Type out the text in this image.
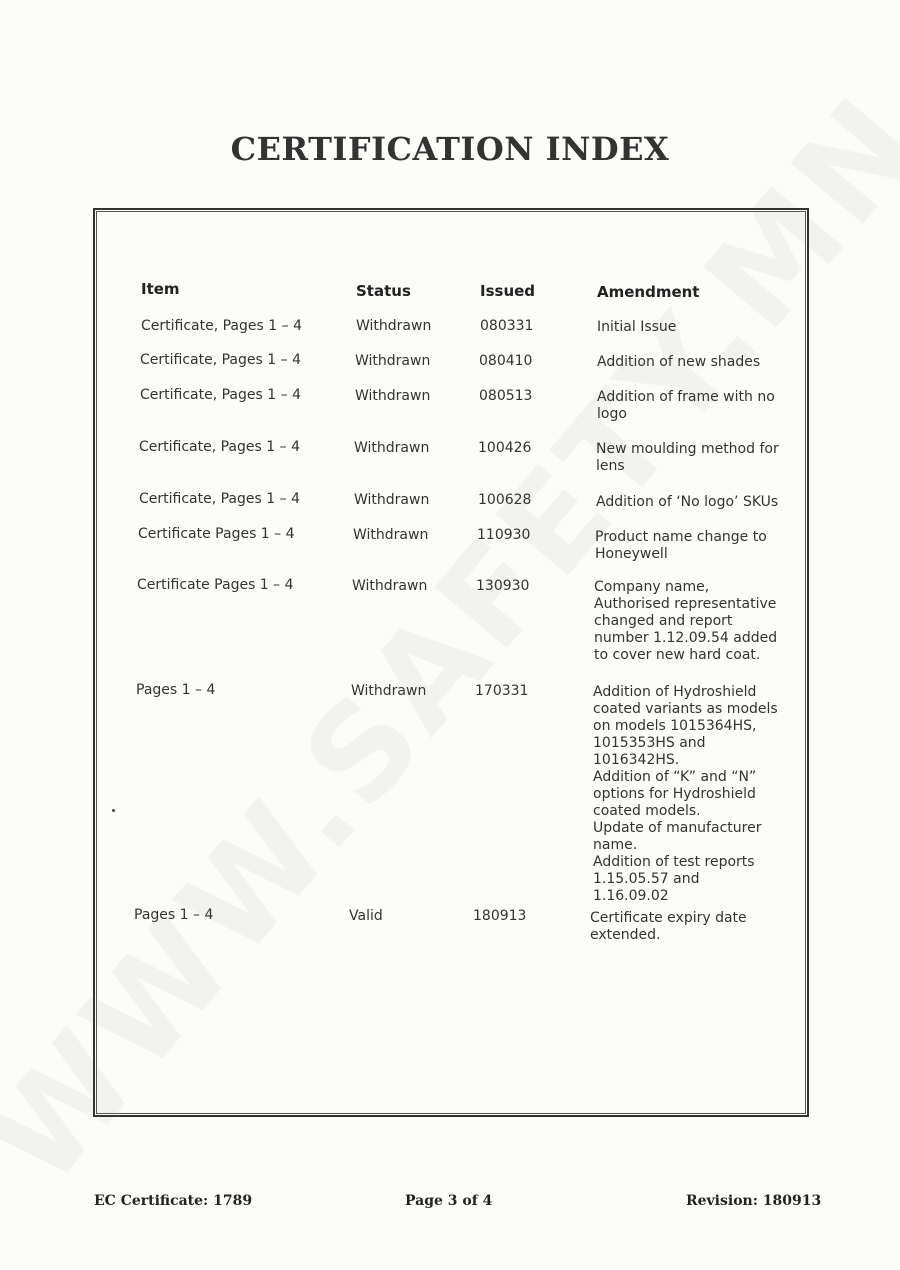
CERTIFICATION INDEX
Item	Status	Issued	Amendment
Certificate, Pages 1 – 4	Withdrawn	080331	Initial Issue
Certificate, Pages 1 – 4	Withdrawn	080410	Addition of new shades
Certificate, Pages 1 – 4	Withdrawn	080513	Addition of frame with no logo
Certificate, Pages 1 – 4	Withdrawn	100426	New moulding method for lens
Certificate, Pages 1 – 4	Withdrawn	100628	Addition of ‘No logo’ SKUs
Certificate Pages 1 – 4	Withdrawn	110930	Product name change to Honeywell
Certificate Pages 1 – 4	Withdrawn	130930	Company name, Authorised representative changed and report number 1.12.09.54 added to cover new hard coat.
Pages 1 – 4	Withdrawn	170331	Addition of Hydroshield coated variants as models on models 1015364HS, 1015353HS and 1016342HS.
Addition of “K” and “N” options for Hydroshield coated models.
Update of manufacturer name.
Addition of test reports 1.15.05.57 and 1.16.09.02
Pages 1 – 4	Valid	180913	Certificate expiry date extended.
EC Certificate: 1789	Page 3 of 4	Revision: 180913
